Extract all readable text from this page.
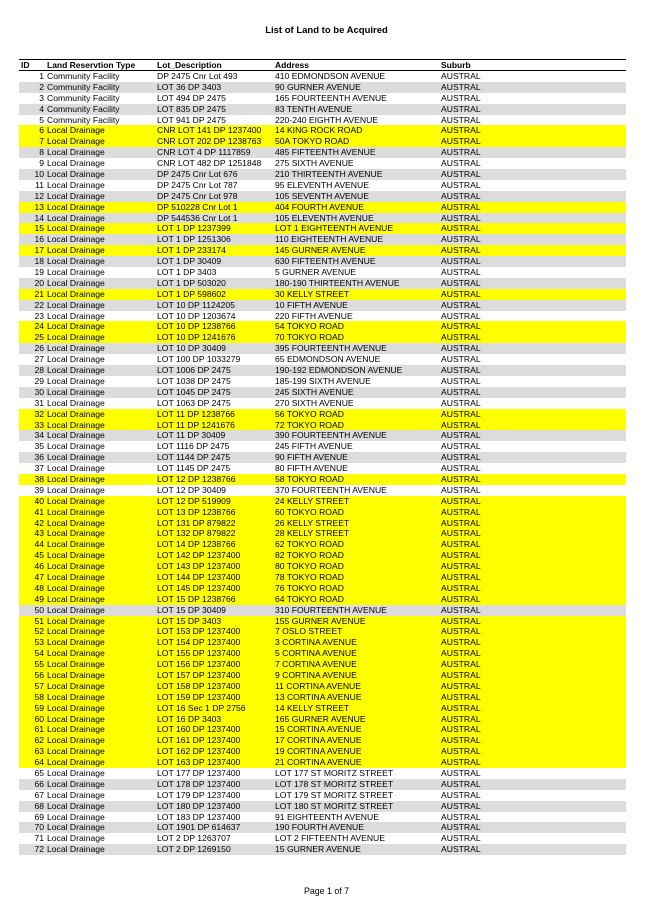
List of Land to be Acquired
ID	Land Reservtion Type	Lot_Description	Address	Suburb
1 Community Facility	DP 2475 Cnr Lot 493	410 EDMONDSON AVENUE	AUSTRAL
2 Community Facility	LOT 36 DP 3403	90 GURNER AVENUE	AUSTRAL
3 Community Facility	LOT 494 DP 2475	165 FOURTEENTH AVENUE	AUSTRAL
4 Community Facility	LOT 835 DP 2475	83 TENTH AVENUE	AUSTRAL
5 Community Facility	LOT 941 DP 2475	220-240 EIGHTH AVENUE	AUSTRAL
6 Local Drainage	CNR LOT 141 DP 1237400	14 KING ROCK ROAD	AUSTRAL
7 Local Drainage	CNR LOT 202 DP 1238763	50A TOKYO ROAD	AUSTRAL
8 Local Drainage	CNR LOT 4 DP 1117859	485 FIFTEENTH AVENUE	AUSTRAL
9 Local Drainage	CNR LOT 482 DP 1251848	275 SIXTH AVENUE	AUSTRAL
10 Local Drainage	DP 2475 Cnr Lot 676	210 THIRTEENTH AVENUE	AUSTRAL
11 Local Drainage	DP 2475 Cnr Lot 787	95 ELEVENTH AVENUE	AUSTRAL
12 Local Drainage	DP 2475 Cnr Lot 978	105 SEVENTH AVENUE	AUSTRAL
13 Local Drainage	DP 510228 Cnr Lot 1	404 FOURTH AVENUE	AUSTRAL
14 Local Drainage	DP 544536 Cnr Lot 1	105 ELEVENTH AVENUE	AUSTRAL
15 Local Drainage	LOT 1 DP 1237399	LOT 1 EIGHTEENTH AVENUE	AUSTRAL
16 Local Drainage	LOT 1 DP 1251306	110 EIGHTEENTH AVENUE	AUSTRAL
17 Local Drainage	LOT 1 DP 233174	145 GURNER AVENUE	AUSTRAL
18 Local Drainage	LOT 1 DP 30409	630 FIFTEENTH AVENUE	AUSTRAL
19 Local Drainage	LOT 1 DP 3403	5 GURNER AVENUE	AUSTRAL
20 Local Drainage	LOT 1 DP 503020	180-190 THIRTEENTH AVENUE	AUSTRAL
21 Local Drainage	LOT 1 DP 598602	30 KELLY STREET	AUSTRAL
22 Local Drainage	LOT 10 DP 1124205	10 FIFTH AVENUE	AUSTRAL
23 Local Drainage	LOT 10 DP 1203674	220 FIFTH AVENUE	AUSTRAL
24 Local Drainage	LOT 10 DP 1238766	54 TOKYO ROAD	AUSTRAL
25 Local Drainage	LOT 10 DP 1241676	70 TOKYO ROAD	AUSTRAL
26 Local Drainage	LOT 10 DP 30409	395 FOURTEENTH AVENUE	AUSTRAL
27 Local Drainage	LOT 100 DP 1033279	65 EDMONDSON AVENUE	AUSTRAL
28 Local Drainage	LOT 1006 DP 2475	190-192 EDMONDSON AVENUE	AUSTRAL
29 Local Drainage	LOT 1038 DP 2475	185-199 SIXTH AVENUE	AUSTRAL
30 Local Drainage	LOT 1045 DP 2475	245 SIXTH AVENUE	AUSTRAL
31 Local Drainage	LOT 1063 DP 2475	270 SIXTH AVENUE	AUSTRAL
32 Local Drainage	LOT 11 DP 1238766	56 TOKYO ROAD	AUSTRAL
33 Local Drainage	LOT 11 DP 1241676	72 TOKYO ROAD	AUSTRAL
34 Local Drainage	LOT 11 DP 30409	390 FOURTEENTH AVENUE	AUSTRAL
35 Local Drainage	LOT 1116 DP 2475	245 FIFTH AVENUE	AUSTRAL
36 Local Drainage	LOT 1144 DP 2475	90 FIFTH AVENUE	AUSTRAL
37 Local Drainage	LOT 1145 DP 2475	80 FIFTH AVENUE	AUSTRAL
38 Local Drainage	LOT 12 DP 1238766	58 TOKYO ROAD	AUSTRAL
39 Local Drainage	LOT 12 DP 30409	370 FOURTEENTH AVENUE	AUSTRAL
40 Local Drainage	LOT 12 DP 519909	24 KELLY STREET	AUSTRAL
41 Local Drainage	LOT 13 DP 1238766	60 TOKYO ROAD	AUSTRAL
42 Local Drainage	LOT 131 DP 879822	26 KELLY STREET	AUSTRAL
43 Local Drainage	LOT 132 DP 879822	28 KELLY STREET	AUSTRAL
44 Local Drainage	LOT 14 DP 1238766	62 TOKYO ROAD	AUSTRAL
45 Local Drainage	LOT 142 DP 1237400	82 TOKYO ROAD	AUSTRAL
46 Local Drainage	LOT 143 DP 1237400	80 TOKYO ROAD	AUSTRAL
47 Local Drainage	LOT 144 DP 1237400	78 TOKYO ROAD	AUSTRAL
48 Local Drainage	LOT 145 DP 1237400	76 TOKYO ROAD	AUSTRAL
49 Local Drainage	LOT 15 DP 1238766	64 TOKYO ROAD	AUSTRAL
50 Local Drainage	LOT 15 DP 30409	310 FOURTEENTH AVENUE	AUSTRAL
51 Local Drainage	LOT 15 DP 3403	155 GURNER AVENUE	AUSTRAL
52 Local Drainage	LOT 153 DP 1237400	7 OSLO STREET	AUSTRAL
53 Local Drainage	LOT 154 DP 1237400	3 CORTINA AVENUE	AUSTRAL
54 Local Drainage	LOT 155 DP 1237400	5 CORTINA AVENUE	AUSTRAL
55 Local Drainage	LOT 156 DP 1237400	7 CORTINA AVENUE	AUSTRAL
56 Local Drainage	LOT 157 DP 1237400	9 CORTINA AVENUE	AUSTRAL
57 Local Drainage	LOT 158 DP 1237400	11 CORTINA AVENUE	AUSTRAL
58 Local Drainage	LOT 159 DP 1237400	13 CORTINA AVENUE	AUSTRAL
59 Local Drainage	LOT 16 Sec 1 DP 2756	14 KELLY STREET	AUSTRAL
60 Local Drainage	LOT 16 DP 3403	165 GURNER AVENUE	AUSTRAL
61 Local Drainage	LOT 160 DP 1237400	15 CORTINA AVENUE	AUSTRAL
62 Local Drainage	LOT 161 DP 1237400	17 CORTINA AVENUE	AUSTRAL
63 Local Drainage	LOT 162 DP 1237400	19 CORTINA AVENUE	AUSTRAL
64 Local Drainage	LOT 163 DP 1237400	21 CORTINA AVENUE	AUSTRAL
65 Local Drainage	LOT 177 DP 1237400	LOT 177 ST MORITZ STREET	AUSTRAL
66 Local Drainage	LOT 178 DP 1237400	LOT 178 ST MORITZ STREET	AUSTRAL
67 Local Drainage	LOT 179 DP 1237400	LOT 179 ST MORITZ STREET	AUSTRAL
68 Local Drainage	LOT 180 DP 1237400	LOT 180 ST MORITZ STREET	AUSTRAL
69 Local Drainage	LOT 183 DP 1237400	91 EIGHTEENTH AVENUE	AUSTRAL
70 Local Drainage	LOT 1901 DP 614637	190 FOURTH AVENUE	AUSTRAL
71 Local Drainage	LOT 2 DP 1263707	LOT 2 FIFTEENTH AVENUE	AUSTRAL
72 Local Drainage	LOT 2 DP 1269150	15 GURNER AVENUE	AUSTRAL
Page 1 of 7
